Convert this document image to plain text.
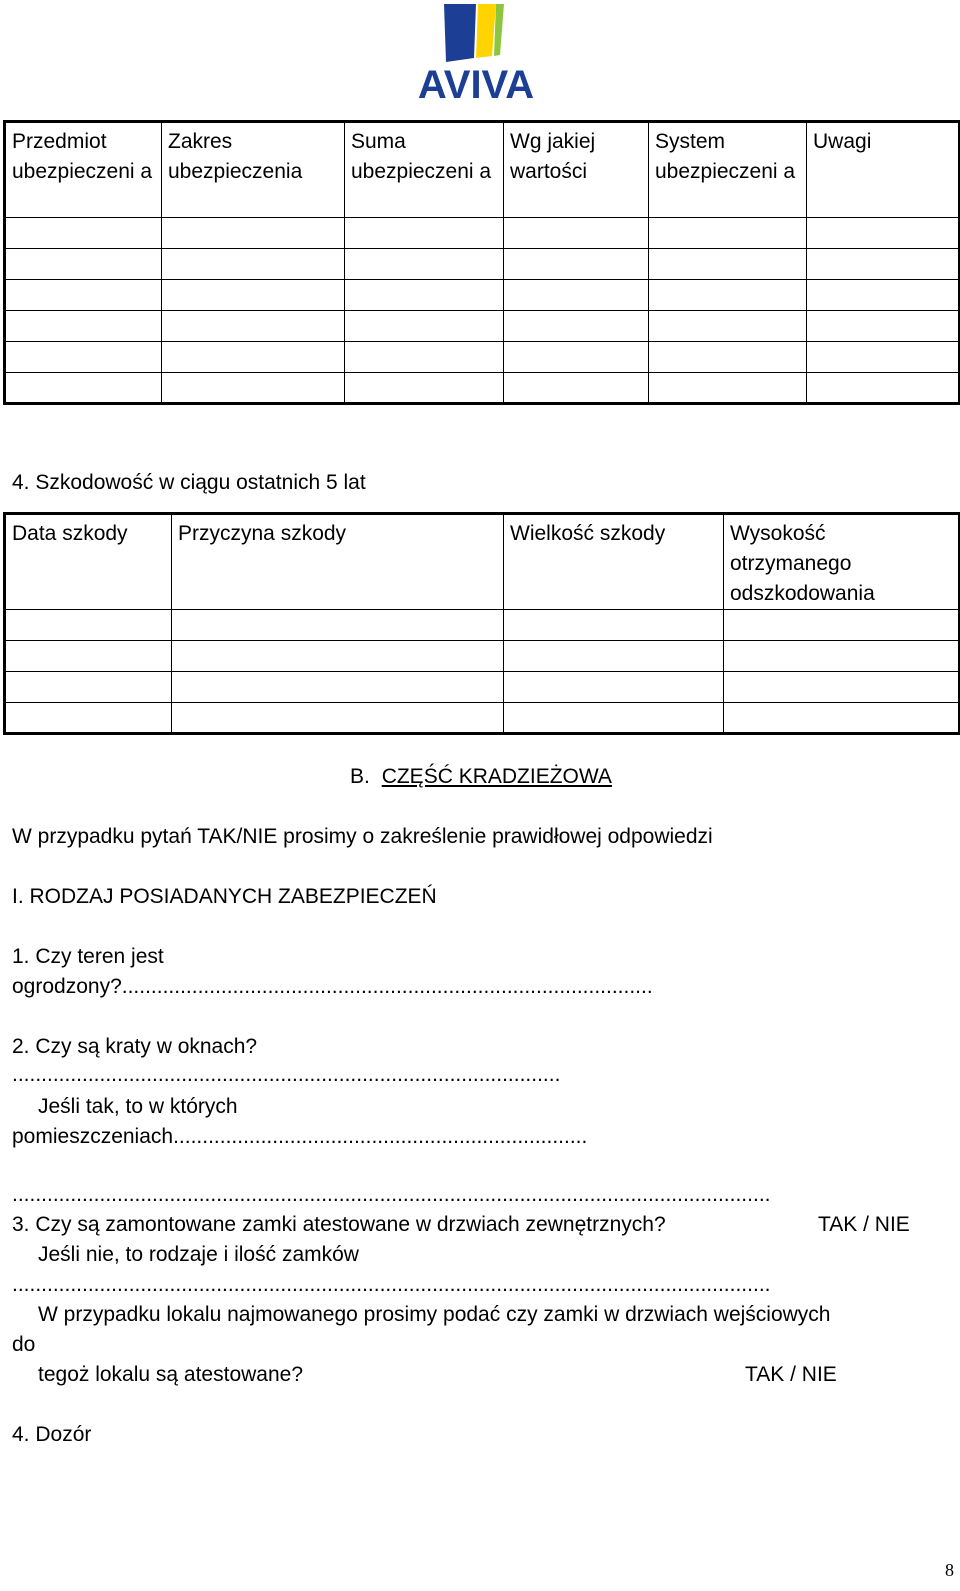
AVIVA
Przedmiot ubezpieczeni a	Zakres ubezpieczenia	Suma ubezpieczeni a	Wg jakiej wartości	System ubezpieczeni a	Uwagi

4. Szkodowość w ciągu ostatnich 5 lat
Data szkody	Przyczyna szkody	Wielkość szkody	Wysokość otrzymanego odszkodowania

B. CZĘŚĆ KRADZIEŻOWA
W przypadku pytań TAK/NIE prosimy o zakreślenie prawidłowej odpowiedzi
I. RODZAJ POSIADANYCH ZABEZPIECZEŃ
1. Czy teren jest
ogrodzony?...........................................................................................
2. Czy są kraty w oknach?
..............................................................................................
Jeśli tak, to w których
pomieszczeniach.......................................................................
..................................................................................................................................
3. Czy są zamontowane zamki atestowane w drzwiach zewnętrznych?	TAK / NIE
Jeśli nie, to rodzaje i ilość zamków
..................................................................................................................................
W przypadku lokalu najmowanego prosimy podać czy zamki w drzwiach wejściowych
do
tegoż lokalu są atestowane?	TAK / NIE
4. Dozór
8
